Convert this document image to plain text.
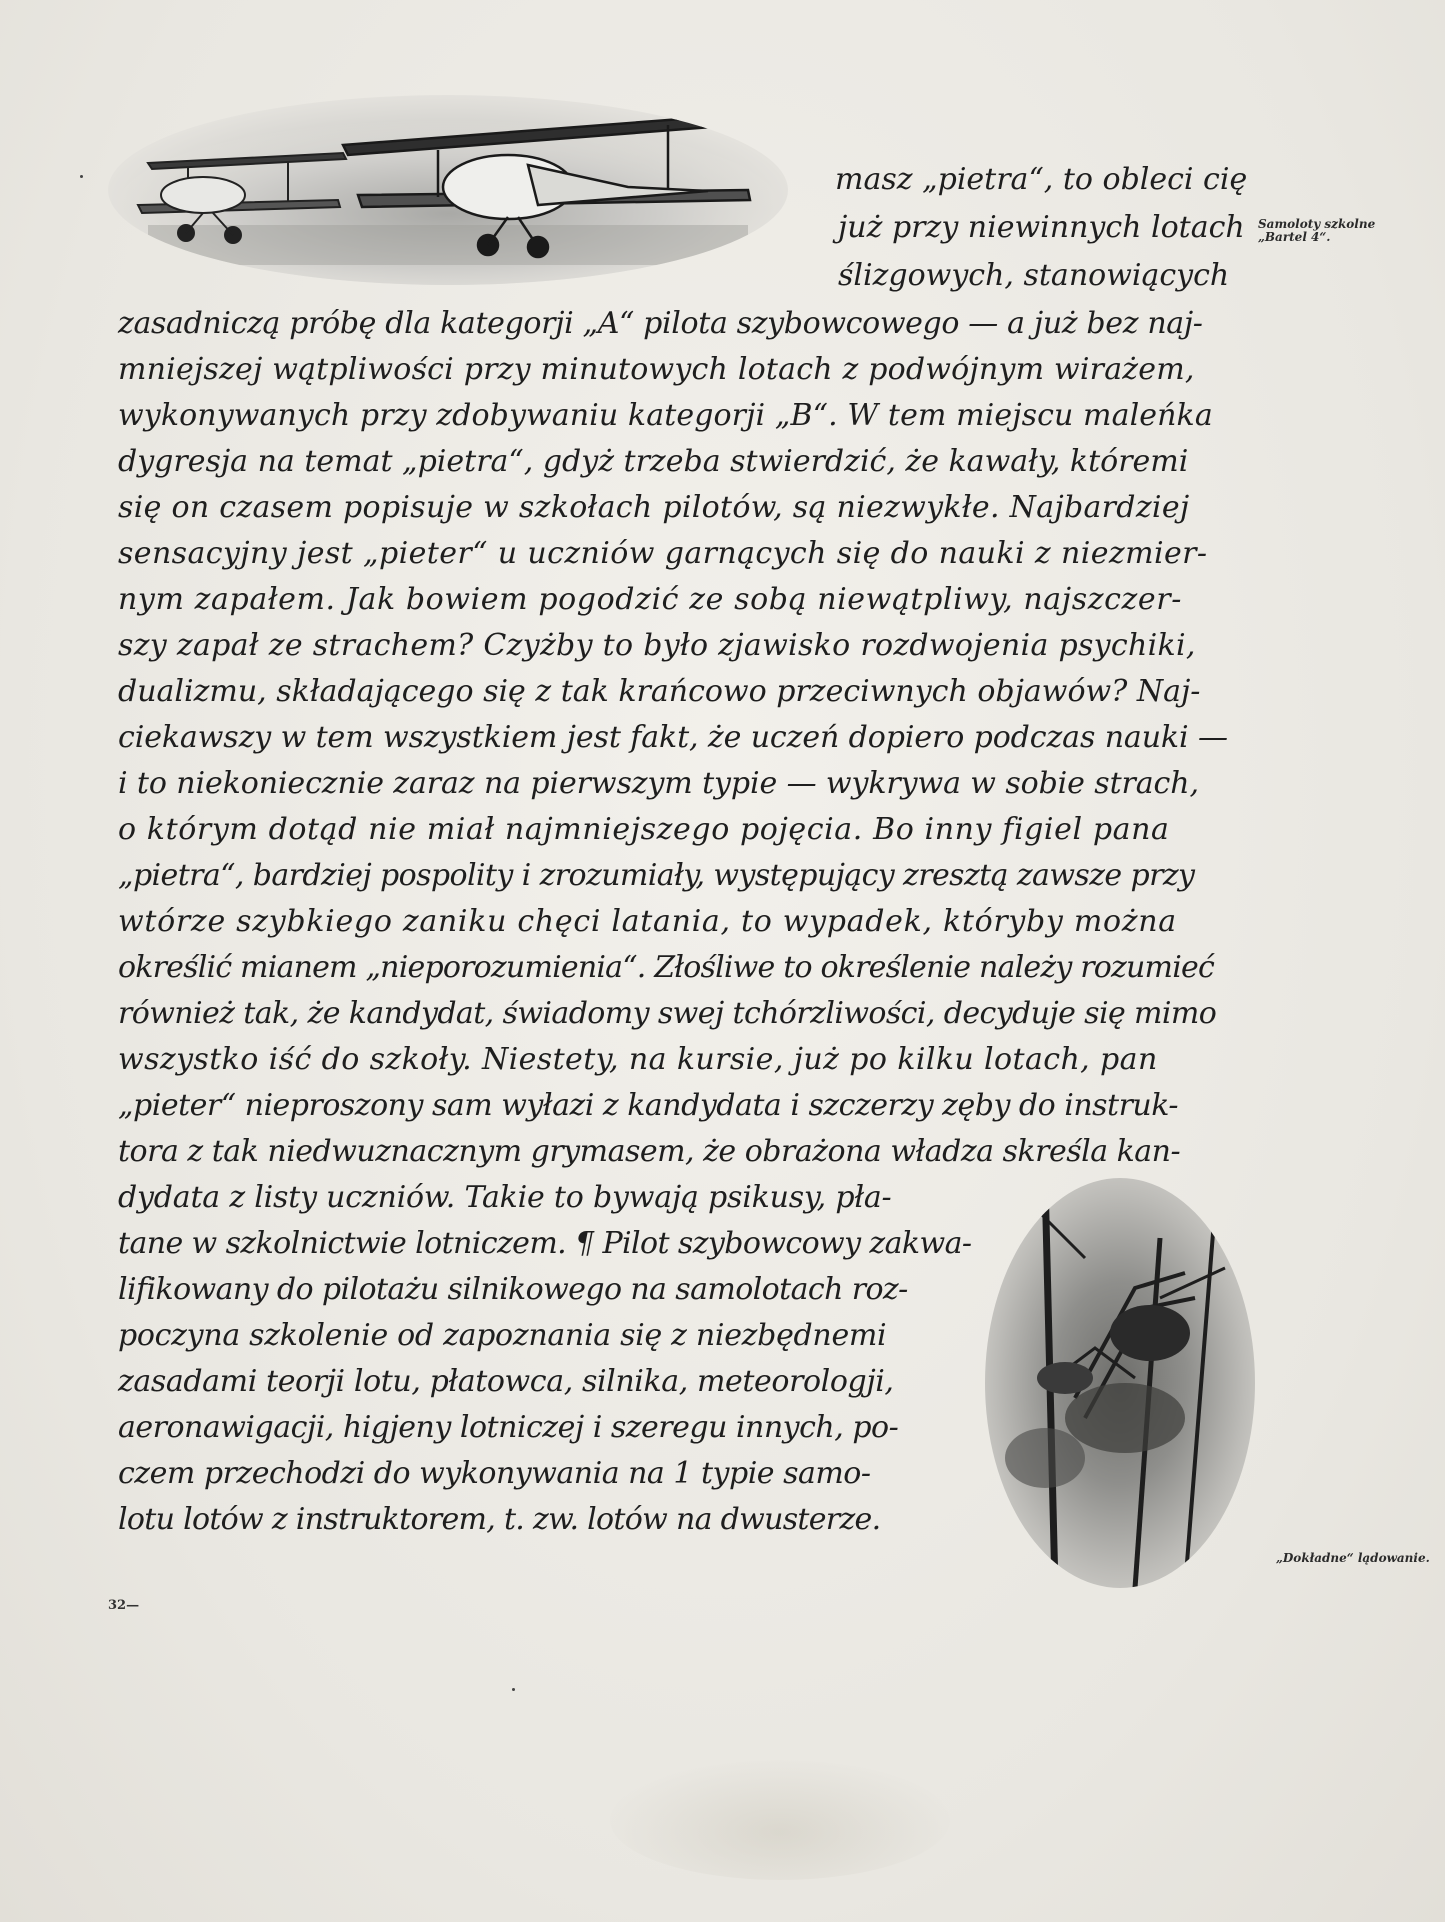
Samoloty szkolne
„Bartel 4“.
„Dokładne“ lądowanie.
masz „pietra“, to obleci cię
już przy niewinnych lotach
ślizgowych, stanowiących
zasadniczą próbę dla kategorji „A“ pilota szybowcowego — a już bez naj-
mniejszej wątpliwości przy minutowych lotach z podwójnym wirażem,
wykonywanych przy zdobywaniu kategorji „B“. W tem miejscu maleńka
dygresja na temat „pietra“, gdyż trzeba stwierdzić, że kawały, któremi
się on czasem popisuje w szkołach pilotów, są niezwykłe. Najbardziej
sensacyjny jest „pieter“ u uczniów garnących się do nauki z niezmier-
nym zapałem. Jak bowiem pogodzić ze sobą niewątpliwy, najszczer-
szy zapał ze strachem? Czyżby to było zjawisko rozdwojenia psychiki,
dualizmu, składającego się z tak krańcowo przeciwnych objawów? Naj-
ciekawszy w tem wszystkiem jest fakt, że uczeń dopiero podczas nauki —
i to niekoniecznie zaraz na pierwszym typie — wykrywa w sobie strach,
o którym dotąd nie miał najmniejszego pojęcia. Bo inny figiel pana
„pietra“, bardziej pospolity i zrozumiały, występujący zresztą zawsze przy
wtórze szybkiego zaniku chęci latania, to wypadek, któryby można
określić mianem „nieporozumienia“. Złośliwe to określenie należy rozumieć
również tak, że kandydat, świadomy swej tchórzliwości, decyduje się mimo
wszystko iść do szkoły. Niestety, na kursie, już po kilku lotach, pan
„pieter“ nieproszony sam wyłazi z kandydata i szczerzy zęby do instruk-
tora z tak niedwuznacznym grymasem, że obrażona władza skreśla kan-
dydata z listy uczniów. Takie to bywają psikusy, pła-
tane w szkolnictwie lotniczem. ¶ Pilot szybowcowy zakwa-
lifikowany do pilotażu silnikowego na samolotach roz-
poczyna szkolenie od zapoznania się z niezbędnemi
zasadami teorji lotu, płatowca, silnika, meteorologji,
aeronawigacji, higjeny lotniczej i szeregu innych, po-
czem przechodzi do wykonywania na 1 typie samo-
lotu lotów z instruktorem, t. zw. lotów na dwusterze.
32—
